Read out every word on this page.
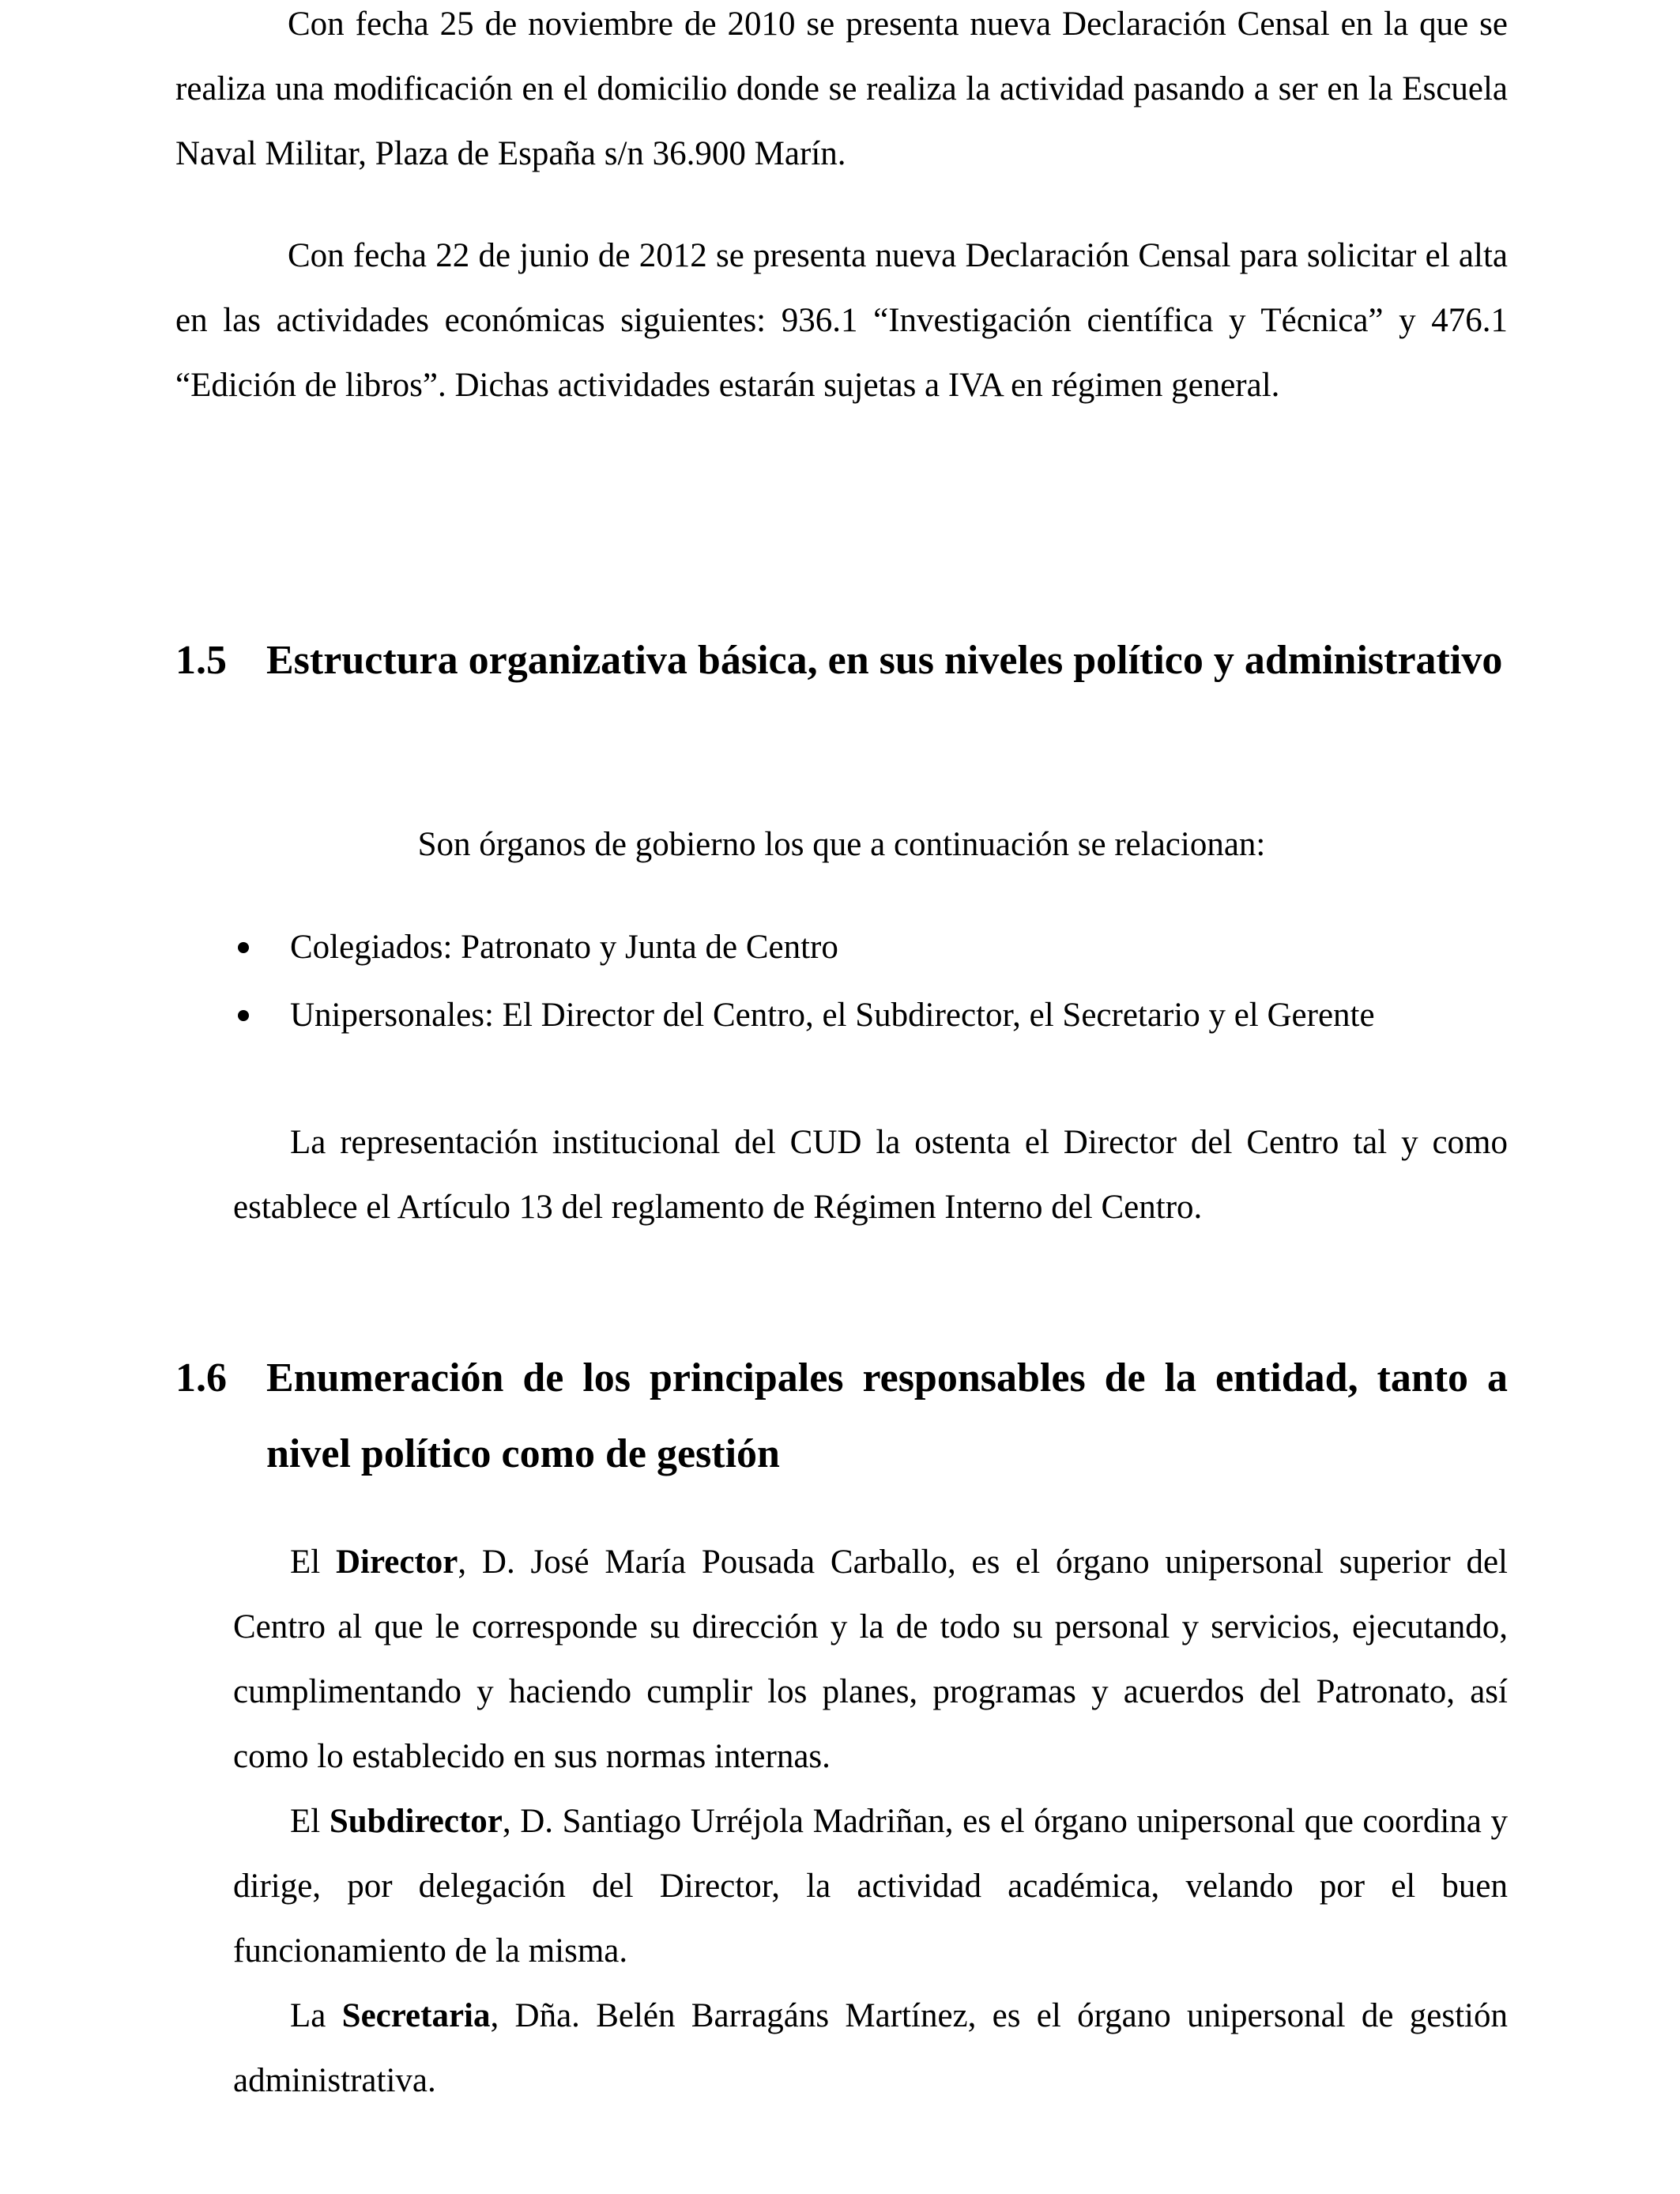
Con fecha 25 de noviembre de 2010 se presenta nueva Declaración Censal en la que se realiza una modificación en el domicilio donde se realiza la actividad pasando a ser en la Escuela Naval Militar, Plaza de España s/n 36.900 Marín.

Con fecha 22 de junio de 2012 se presenta nueva Declaración Censal para solicitar el alta en las actividades económicas siguientes: 936.1 “Investigación científica y Técnica” y 476.1 “Edición de libros”. Dichas actividades estarán sujetas a IVA en régimen general.

1.5 Estructura organizativa básica, en sus niveles político y administrativo

Son órganos de gobierno los que a continuación se relacionan:

Colegiados: Patronato y Junta de Centro
Unipersonales: El Director del Centro, el Subdirector, el Secretario y el Gerente

La representación institucional del CUD la ostenta el Director del Centro tal y como establece el Artículo 13 del reglamento de Régimen Interno del Centro.

1.6 Enumeración de los principales responsables de la entidad, tanto a nivel político como de gestión

El Director, D. José María Pousada Carballo, es el órgano unipersonal superior del Centro al que le corresponde su dirección y la de todo su personal y servicios, ejecutando, cumplimentando y haciendo cumplir los planes, programas y acuerdos del Patronato, así como lo establecido en sus normas internas.

El Subdirector, D. Santiago Urréjola Madriñan, es el órgano unipersonal que coordina y dirige, por delegación del Director, la actividad académica, velando por el buen funcionamiento de la misma.

La Secretaria, Dña. Belén Barragáns Martínez, es el órgano unipersonal de gestión administrativa.
